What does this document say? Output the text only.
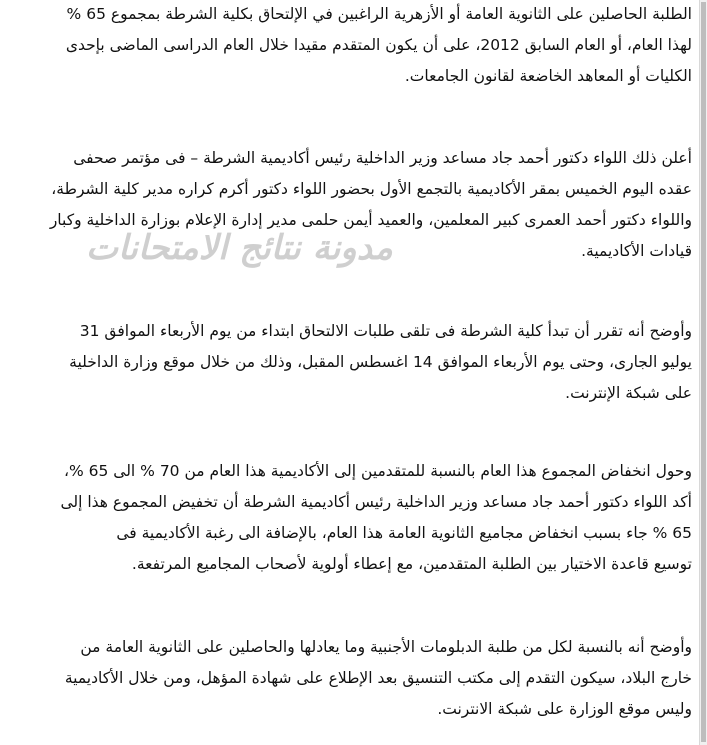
الطلبة الحاصلين على الثانوية العامة أو الأزهرية الراغبين في الإلتحاق بكلية الشرطة بمجموع 65 %
لهذا العام، أو العام السابق 2012، على أن يكون المتقدم مقيدا خلال العام الدراسى الماضى بإحدى
الكليات أو المعاهد الخاضعة لقانون الجامعات.
أعلن ذلك اللواء دكتور أحمد جاد مساعد وزير الداخلية رئيس أكاديمية الشرطة – فى مؤتمر صحفى
عقده اليوم الخميس بمقر الأكاديمية بالتجمع الأول بحضور اللواء دكتور أكرم كراره مدير كلية الشرطة،
واللواء دكتور أحمد العمرى كبير المعلمين، والعميد أيمن حلمى مدير إدارة الإعلام بوزارة الداخلية وكبار
قيادات الأكاديمية.
وأوضح أنه تقرر أن تبدأ كلية الشرطة فى تلقى طلبات الالتحاق ابتداء من يوم الأربعاء الموافق 31
يوليو الجارى، وحتى يوم الأربعاء الموافق 14 اغسطس المقبل، وذلك من خلال موقع وزارة الداخلية
على شبكة الإنترنت.
وحول انخفاض المجموع هذا العام بالنسبة للمتقدمين إلى الأكاديمية هذا العام من 70 % الى 65 %،
أكد اللواء دكتور أحمد جاد مساعد وزير الداخلية رئيس أكاديمية الشرطة أن تخفيض المجموع هذا إلى
65 % جاء بسبب انخفاض مجاميع الثانوية العامة هذا العام، بالإضافة الى رغبة الأكاديمية فى
توسيع قاعدة الاختيار بين الطلبة المتقدمين، مع إعطاء أولوية لأصحاب المجاميع المرتفعة.
وأوضح أنه بالنسبة لكل من طلبة الدبلومات الأجنبية وما يعادلها والحاصلين على الثانوية العامة من
خارج البلاد، سيكون التقدم إلى مكتب التنسيق بعد الإطلاع على شهادة المؤهل، ومن خلال الأكاديمية
وليس موقع الوزارة على شبكة الانترنت.
مدونة نتائج الامتحانات
